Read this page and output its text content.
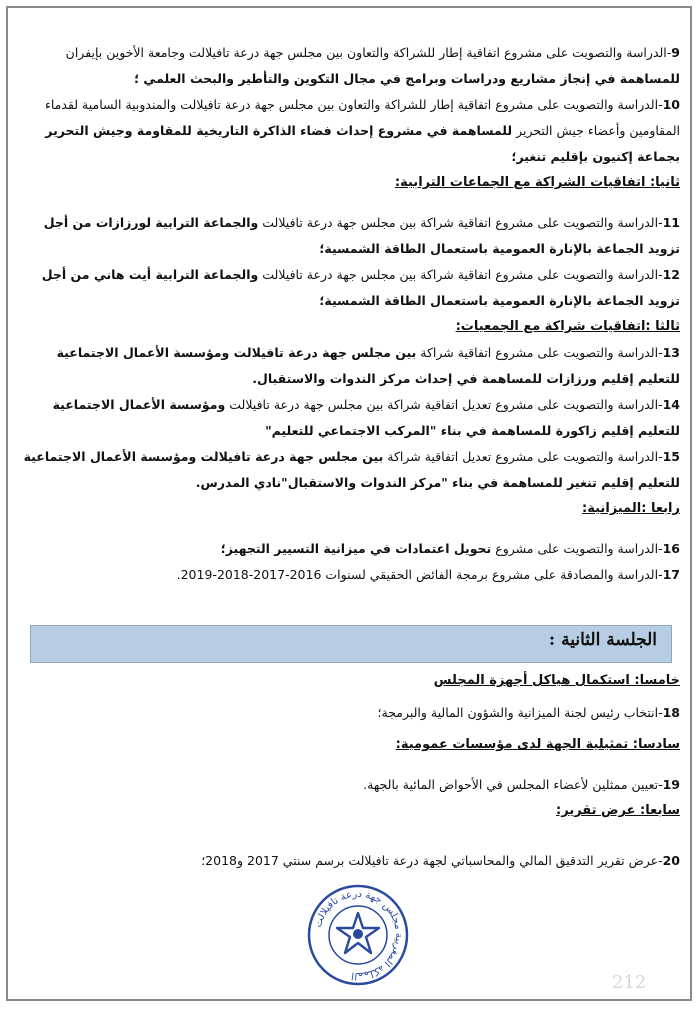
9-الدراسة والتصويت على مشروع اتفاقية إطار للشراكة والتعاون بين مجلس جهة درعة تافيلالت وجامعة الأخوين بإيفران للمساهمة في إنجاز مشاريع ودراسات وبرامج في مجال التكوين والتأطير والبحث العلمي ؛

10-الدراسة والتصويت على مشروع اتفاقية إطار للشراكة والتعاون بين مجلس جهة درعة تافيلالت والمندوبية السامية لقدماء المقاومين وأعضاء جيش التحرير للمساهمة في مشروع إحداث فضاء الذاكرة التاريخية للمقاومة وجيش التحرير بجماعة إكنيون بإقليم تنغير؛

ثانيا: اتفاقيات الشراكة مع الجماعات الترابية:

11-الدراسة والتصويت على مشروع اتفاقية شراكة بين مجلس جهة درعة تافيلالت والجماعة الترابية لورزازات من أجل تزويد الجماعة بالإنارة العمومية باستعمال الطاقة الشمسية؛

12-الدراسة والتصويت على مشروع اتفاقية شراكة بين مجلس جهة درعة تافيلالت والجماعة الترابية أيت هاني من أجل تزويد الجماعة بالإنارة العمومية باستعمال الطاقة الشمسية؛

ثالثا :اتفاقيات شراكة مع الجمعيات:

13-الدراسة والتصويت على مشروع اتفاقية شراكة بين مجلس جهة درعة تافيلالت ومؤسسة الأعمال الاجتماعية للتعليم إقليم ورزازات للمساهمة في إحداث مركز الندوات والاستقبال.

14-الدراسة والتصويت على مشروع تعديل اتفاقية شراكة بين مجلس جهة درعة تافيلالت ومؤسسة الأعمال الاجتماعية للتعليم إقليم زاكورة للمساهمة في بناء "المركب الاجتماعي للتعليم"

15-الدراسة والتصويت على مشروع تعديل اتفاقية شراكة بين مجلس جهة درعة تافيلالت ومؤسسة الأعمال الاجتماعية للتعليم إقليم تنغير للمساهمة في بناء "مركز الندوات والاستقبال"نادي المدرس.

رابعا :الميزانية:

16-الدراسة والتصويت على مشروع تحويل اعتمادات في ميزانية التسيير التجهيز؛

17-الدراسة والمصادقة على مشروع برمجة الفائض الحقيقي لسنوات 2016-2017-2018-2019.

الجلسة الثانية :

خامسا: استكمال هياكل أجهزة المجلس

18-انتخاب رئيس لجنة الميزانية والشؤون المالية والبرمجة؛

سادسا: تمثيلية الجهة لدى مؤسسات عمومية:

19-تعيين ممثلين لأعضاء المجلس في الأحواض المائية بالجهة.

سابعا: عرض تقرير:

20-عرض تقرير التدقيق المالي والمحاسباتي لجهة درعة تافيلالت برسم سنتي 2017 و2018؛

المملكة المغربية مجلس جهة درعة تافيلالت	212
